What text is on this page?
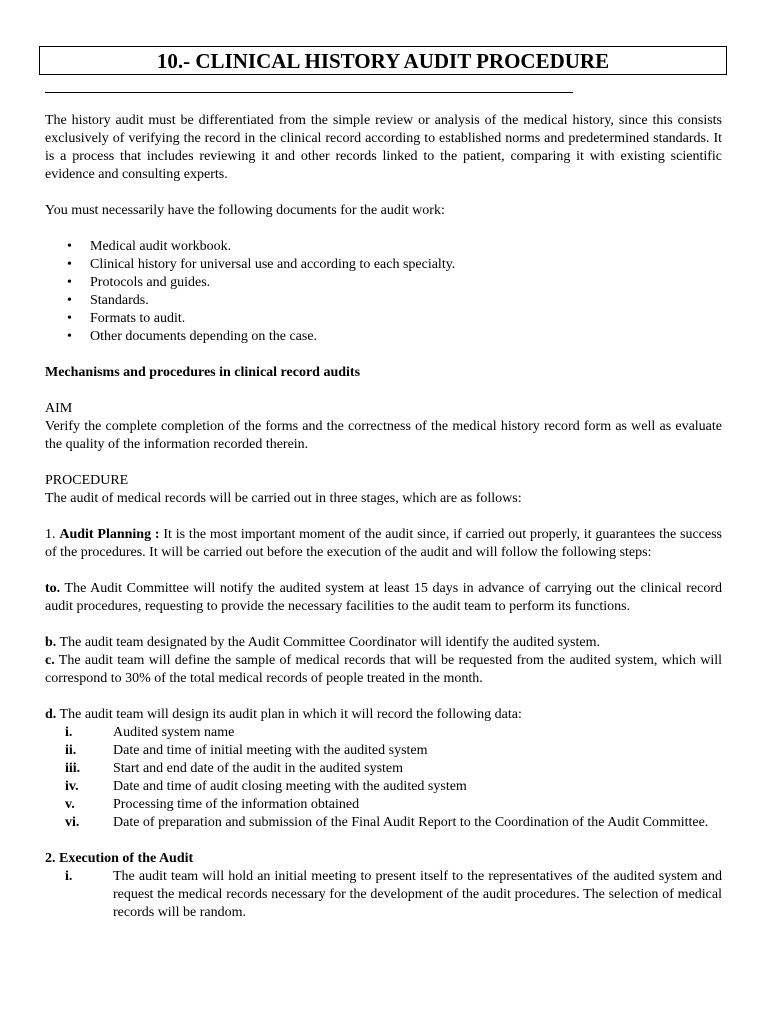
10.- CLINICAL HISTORY AUDIT PROCEDURE

The history audit must be differentiated from the simple review or analysis of the medical history, since this consists exclusively of verifying the record in the clinical record according to established norms and predetermined standards. It is a process that includes reviewing it and other records linked to the patient, comparing it with existing scientific evidence and consulting experts.

You must necessarily have the following documents for the audit work:

• Medical audit workbook.
• Clinical history for universal use and according to each specialty.
• Protocols and guides.
• Standards.
• Formats to audit.
• Other documents depending on the case.

Mechanisms and procedures in clinical record audits

AIM

Verify the complete completion of the forms and the correctness of the medical history record form as well as evaluate the quality of the information recorded therein.

PROCEDURE

The audit of medical records will be carried out in three stages, which are as follows:

1. Audit Planning : It is the most important moment of the audit since, if carried out properly, it guarantees the success of the procedures. It will be carried out before the execution of the audit and will follow the following steps:

to. The Audit Committee will notify the audited system at least 15 days in advance of carrying out the clinical record audit procedures, requesting to provide the necessary facilities to the audit team to perform its functions.

b. The audit team designated by the Audit Committee Coordinator will identify the audited system.

c. The audit team will define the sample of medical records that will be requested from the audited system, which will correspond to 30% of the total medical records of people treated in the month.

d. The audit team will design its audit plan in which it will record the following data:

i.	Audited system name
ii.	Date and time of initial meeting with the audited system
iii.	Start and end date of the audit in the audited system
iv.	Date and time of audit closing meeting with the audited system
v.	Processing time of the information obtained
vi.	Date of preparation and submission of the Final Audit Report to the Coordination of the Audit Committee.

2. Execution of the Audit

i.	The audit team will hold an initial meeting to present itself to the representatives of the audited system and request the medical records necessary for the development of the audit procedures. The selection of medical records will be random.
